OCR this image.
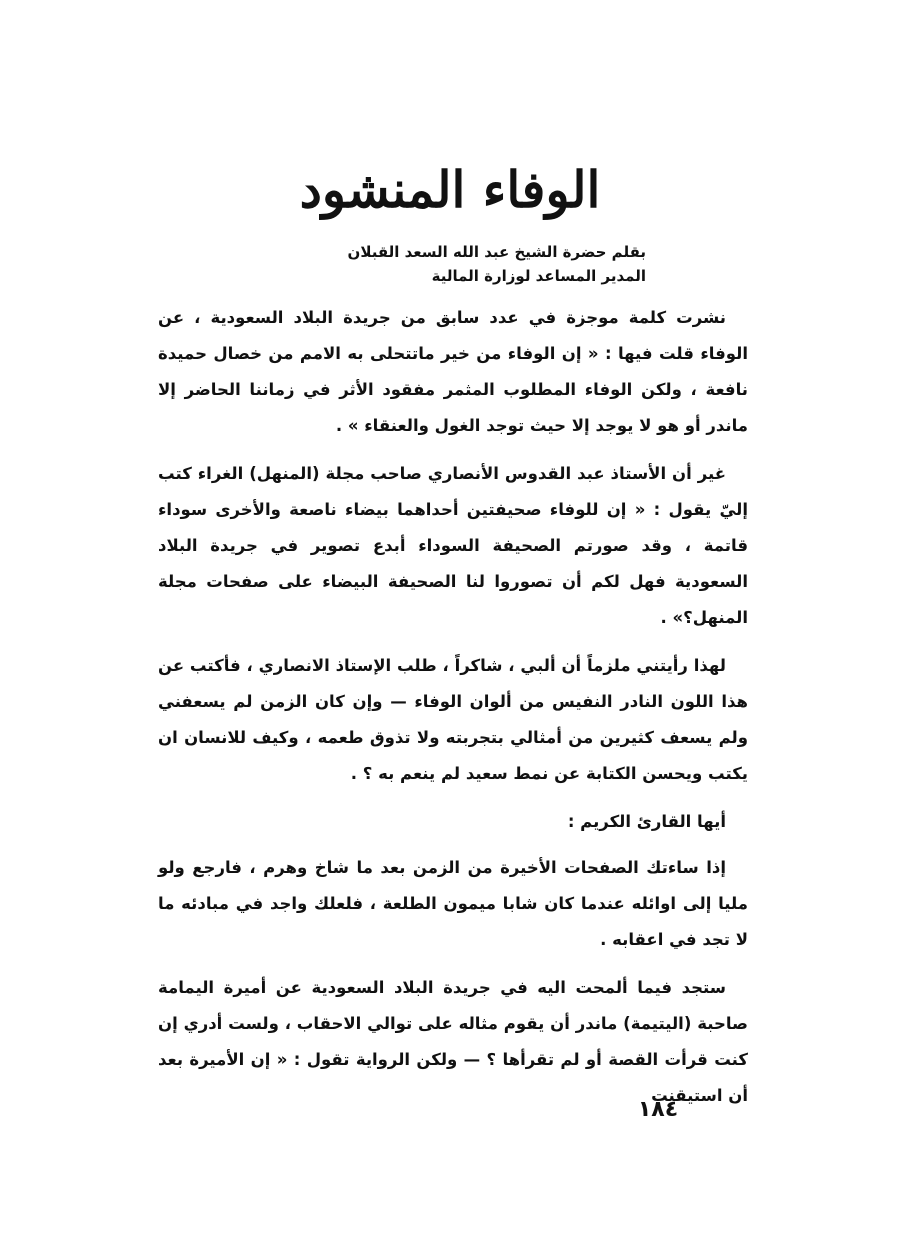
الوفاء المنشود
بقلم حضرة الشيخ عبد الله السعد القبلان
المدير المساعد لوزارة المالية

نشرت كلمة موجزة في عدد سابق من جريدة البلاد السعودية ، عن الوفاء قلت فيها : « إن الوفاء من خير ماتتحلى به الامم من خصال حميدة نافعة ، ولكن الوفاء المطلوب المثمر مفقود الأثر في زماننا الحاضر إلا ماندر أو هو لا يوجد إلا حيث توجد الغول والعنقاء » .

غير أن الأستاذ عبد القدوس الأنصاري صاحب مجلة (المنهل) الغراء كتب إليّ يقول : « إن للوفاء صحيفتين أحداهما بيضاء ناصعة والأخرى سوداء قاتمة ، وقد صورتم الصحيفة السوداء أبدع تصوير في جريدة البلاد السعودية فهل لكم أن تصوروا لنا الصحيفة البيضاء على صفحات مجلة المنهل؟» .

لهذا رأيتني ملزماً أن ألبي ، شاكراً ، طلب الإستاذ الانصاري ، فأكتب عن هذا اللون النادر النفيس من ألوان الوفاء — وإن كان الزمن لم يسعفني ولم يسعف كثيرين من أمثالي بتجربته ولا تذوق طعمه ، وكيف للانسان ان يكتب ويحسن الكتابة عن نمط سعيد لم ينعم به ؟ .

أيها القارئ الكريم :

إذا ساءتك الصفحات الأخيرة من الزمن بعد ما شاخ وهرم ، فارجع ولو مليا إلى اوائله عندما كان شابا ميمون الطلعة ، فلعلك واجد في مبادئه ما لا تجد في اعقابه .

ستجد فيما ألمحت اليه في جريدة البلاد السعودية عن أميرة اليمامة صاحبة (اليتيمة) ماندر أن يقوم مثاله على توالي الاحقاب ، ولست أدري إن كنت قرأت القصة أو لم تقرأها ؟ — ولكن الرواية تقول : « إن الأميرة بعد أن استيقنت

١٨٤
